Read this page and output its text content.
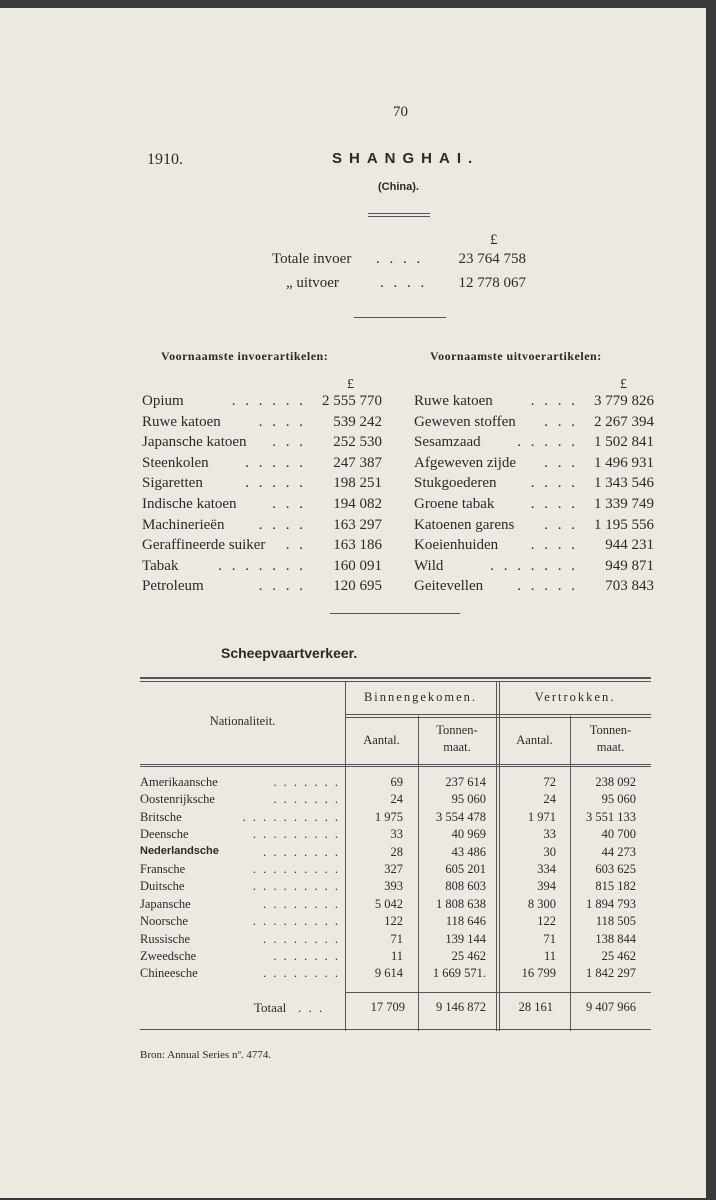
70
1910.	SHANGHAI.
(China).
£
Totale invoer . . . . 23 764 758
„ uitvoer	. . . . 12 778 067
Voornaamste invoerartikelen:	Voornaamste uitvoerartikelen:
£	£
Opium	. . . . . . 2 555 770
Ruwe katoen	. . . . 539 242
Japansche katoen . . . 252 530
Steenkolen . . . . . 247 387
Sigaretten	. . . . . 198 251
Indische katoen . . . 194 082
Machinerieën . . . . 163 297
Geraffineerde suiker . . 163 186
Tabak	. . . . . . . 160 091
Petroleum	. . . . 120 695
Ruwe katoen	. . . . 3 779 826
Geweven stoffen . . . 2 267 394
Sesamzaad . . . . . 1 502 841
Afgeweven zijde . . . 1 496 931
Stukgoederen . . . . 1 343 546
Groene tabak . . . . 1 339 749
Katoenen garens . . . 1 195 556
Koeienhuiden . . . . 944 231
Wild	. . . . . . . 949 871
Geitevellen . . . . . 703 843
Scheepvaartverkeer.
Nationaliteit.
Binnengekomen.	Vertrokken.
Aantal.
Tonnen-
maat.	Aantal.
Tonnen-
maat.
Amerikaansche	. . . . . . .	69	237 614	72	238 092
Oostenrijksche	. . . . . . .	24	95 060	24	95 060
Britsche	. . . . . . . . . .	1 975	3 554 478	1 971	3 551 133
Deensche	. . . . . . . . .	33	40 969	33	40 700
Nederlandsche	. . . . . . . .	28	43 486	30	44 273
Fransche	. . . . . . . . .	327	605 201	334	603 625
Duitsche	. . . . . . . . .	393	808 603	394	815 182
Japansche	. . . . . . . .	5 042	1 808 638	8 300	1 894 793
Noorsche	. . . . . . . . .	122	118 646	122	118 505
Russische	. . . . . . . .	71	139 144	71	138 844
Zweedsche	. . . . . . .	11	25 462	11	25 462
Chineesche	. . . . . . . .	9 614	1 669 571.	16 799	1 842 297
Totaal . . .	17 709	9 146 872	28 161	9 407 966
Bron: Annual Series nº. 4774.
